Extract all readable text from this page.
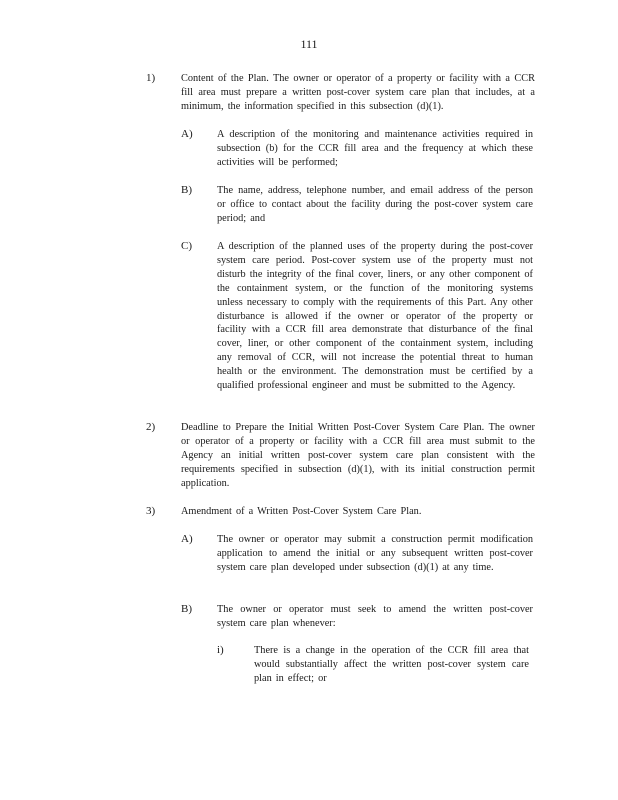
111
1)	Content of the Plan. The owner or operator of a property or facility with a CCR fill area must prepare a written post-cover system care plan that includes, at a minimum, the information specified in this subsection (d)(1).
A) A description of the monitoring and maintenance activities required in subsection (b) for the CCR fill area and the frequency at which these activities will be performed;
B) The name, address, telephone number, and email address of the person or office to contact about the facility during the post-cover system care period; and
C) A description of the planned uses of the property during the post-cover system care period. Post-cover system use of the property must not disturb the integrity of the final cover, liners, or any other component of the containment system, or the function of the monitoring systems unless necessary to comply with the requirements of this Part. Any other disturbance is allowed if the owner or operator of the property or facility with a CCR fill area demonstrate that disturbance of the final cover, liner, or other component of the containment system, including any removal of CCR, will not increase the potential threat to human health or the environment. The demonstration must be certified by a qualified professional engineer and must be submitted to the Agency.
2)	Deadline to Prepare the Initial Written Post-Cover System Care Plan. The owner or operator of a property or facility with a CCR fill area must submit to the Agency an initial written post-cover system care plan consistent with the requirements specified in subsection (d)(1), with its initial construction permit application.
3)	Amendment of a Written Post-Cover System Care Plan.
A) The owner or operator may submit a construction permit modification application to amend the initial or any subsequent written post-cover system care plan developed under subsection (d)(1) at any time.
B) The owner or operator must seek to amend the written post-cover system care plan whenever:
i)	There is a change in the operation of the CCR fill area that would substantially affect the written post-cover system care plan in effect; or
